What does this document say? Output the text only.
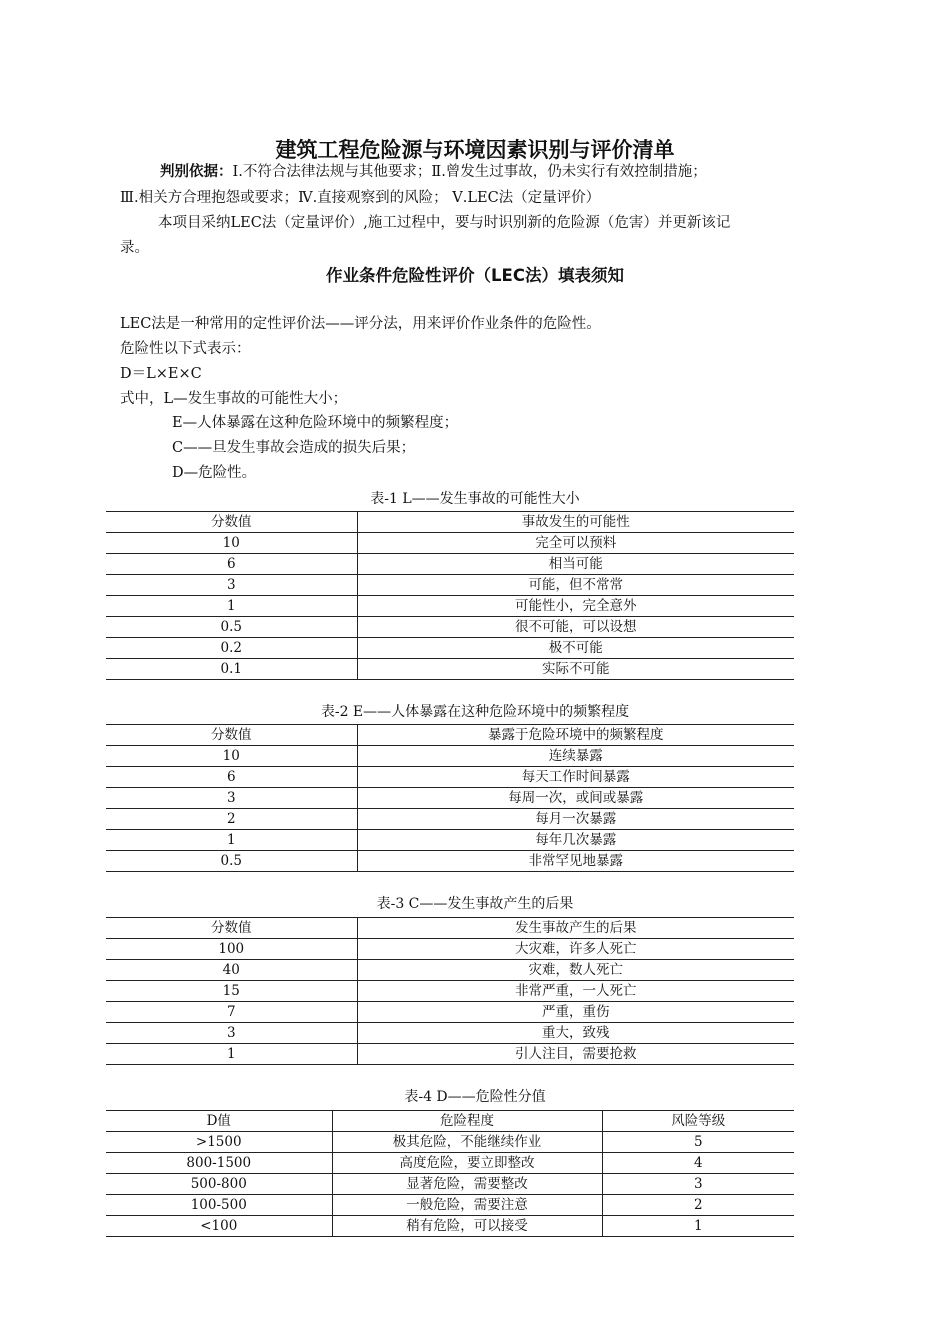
建筑工程危险源与环境因素识别与评价清单
判别依据：Ⅰ.不符合法律法规与其他要求；Ⅱ.曾发生过事故，仍未实行有效控制措施；
Ⅲ.相关方合理抱怨或要求；Ⅳ.直接观察到的风险； Ⅴ.LEC法（定量评价）
本项目采纳LEC法（定量评价）,施工过程中，要与时识别新的危险源（危害）并更新该记
录。
作业条件危险性评价（LEC法）填表须知
LEC法是一种常用的定性评价法——评分法，用来评价作业条件的危险性。
危险性以下式表示：
D＝L×E×C
式中，L—发生事故的可能性大小；
E—人体暴露在这种危险环境中的频繁程度；
C——旦发生事故会造成的损失后果；
D—危险性。
表-1 L——发生事故的可能性大小
分数值	事故发生的可能性
10	完全可以预料
6	相当可能
3	可能，但不常常
1	可能性小，完全意外
0.5	很不可能，可以设想
0.2	极不可能
0.1	实际不可能
表-2 E——人体暴露在这种危险环境中的频繁程度
分数值	暴露于危险环境中的频繁程度
10	连续暴露
6	每天工作时间暴露
3	每周一次，或间或暴露
2	每月一次暴露
1	每年几次暴露
0.5	非常罕见地暴露
表-3 C——发生事故产生的后果
分数值	发生事故产生的后果
100	大灾难，许多人死亡
40	灾难，数人死亡
15	非常严重，一人死亡
7	严重，重伤
3	重大，致残
1	引人注目，需要抢救
表-4 D——危险性分值
D值	危险程度	风险等级
>1500	极其危险，不能继续作业	5
800-1500	高度危险，要立即整改	4
500-800	显著危险，需要整改	3
100-500	一般危险，需要注意	2
<100	稍有危险，可以接受	1
